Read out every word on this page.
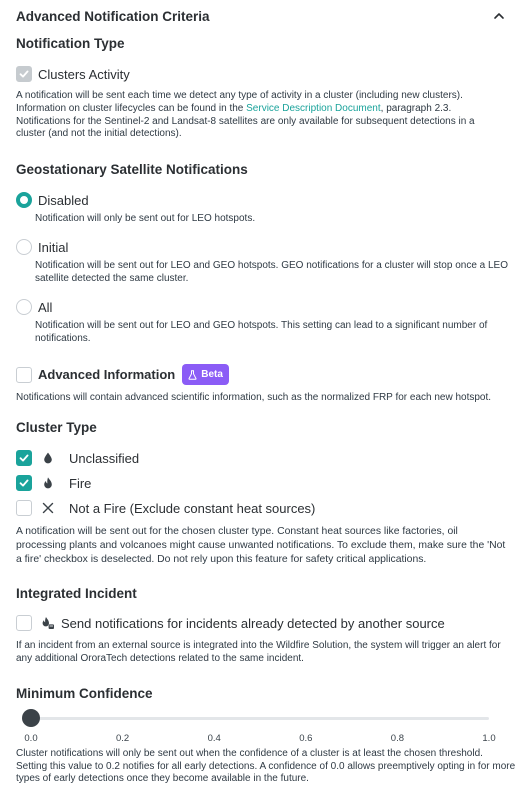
Advanced Notification Criteria
Notification Type
Clusters Activity
A notification will be sent each time we detect any type of activity in a cluster (including new clusters). Information on cluster lifecycles can be found in the Service Description Document, paragraph 2.3. Notifications for the Sentinel-2 and Landsat-8 satellites are only available for subsequent detections in a cluster (and not the initial detections).
Geostationary Satellite Notifications
Disabled
Notification will only be sent out for LEO hotspots.
Initial
Notification will be sent out for LEO and GEO hotspots. GEO notifications for a cluster will stop once a LEO satellite detected the same cluster.
All
Notification will be sent out for LEO and GEO hotspots. This setting can lead to a significant number of notifications.
Advanced Information	Beta
Notifications will contain advanced scientific information, such as the normalized FRP for each new hotspot.
Cluster Type
Unclassified
Fire
Not a Fire (Exclude constant heat sources)
A notification will be sent out for the chosen cluster type. Constant heat sources like factories, oil processing plants and volcanoes might cause unwanted notifications. To exclude them, make sure the 'Not a fire' checkbox is deselected. Do not rely upon this feature for safety critical applications.
Integrated Incident
Send notifications for incidents already detected by another source
If an incident from an external source is integrated into the Wildfire Solution, the system will trigger an alert for any additional OroraTech detections related to the same incident.
Minimum Confidence
0.0	0.2	0.4	0.6	0.8	1.0
Cluster notifications will only be sent out when the confidence of a cluster is at least the chosen threshold. Setting this value to 0.2 notifies for all early detections. A confidence of 0.0 allows preemptively opting in for more types of early detections once they become available in the future.
